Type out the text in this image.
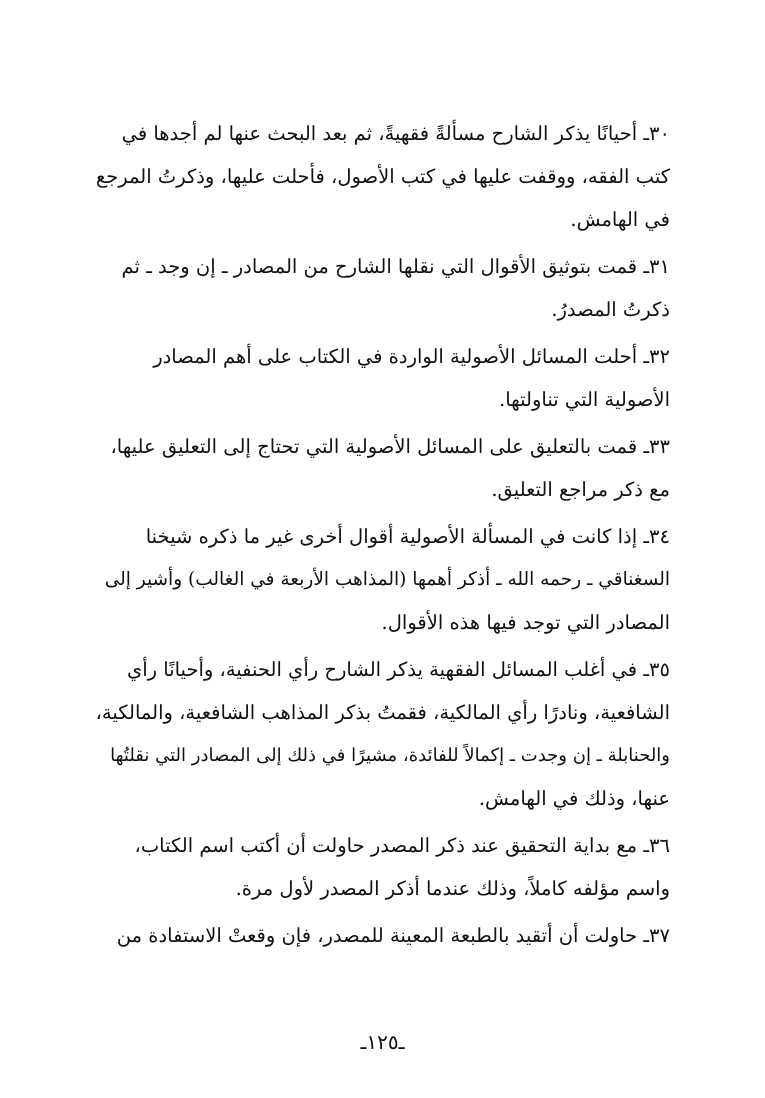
٣٠ـ أحيانًا يذكر الشارح مسألةً فقهيةً، ثم بعد البحث عنها لم أجدها في
كتب الفقه، ووقفت عليها في كتب الأصول، فأحلت عليها، وذكرتُ المرجع
في الهامش.
٣١ـ قمت بتوثيق الأقوال التي نقلها الشارح من المصادر ـ إن وجد ـ ثم
ذكرتُ المصدرُ.
٣٢ـ أحلت المسائل الأصولية الواردة في الكتاب على أهم المصادر
الأصولية التي تناولتها.
٣٣ـ قمت بالتعليق على المسائل الأصولية التي تحتاج إلى التعليق عليها،
مع ذكر مراجع التعليق.
٣٤ـ إذا كانت في المسألة الأصولية أقوال أخرى غير ما ذكره شيخنا
السغناقي ـ رحمه الله ـ أذكر أهمها (المذاهب الأربعة في الغالب) وأشير إلى
المصادر التي توجد فيها هذه الأقوال.
٣٥ـ في أغلب المسائل الفقهية يذكر الشارح رأي الحنفية، وأحيانًا رأي
الشافعية، ونادرًا رأي المالكية، فقمتُ بذكر المذاهب الشافعية، والمالكية،
والحنابلة ـ إن وجدت ـ إكمالاً للفائدة، مشيرًا في ذلك إلى المصادر التي نقلتُها
عنها، وذلك في الهامش.
٣٦ـ مع بداية التحقيق عند ذكر المصدر حاولت أن أكتب اسم الكتاب،
واسم مؤلفه كاملاً، وذلك عندما أذكر المصدر لأول مرة.
٣٧ـ حاولت أن أتقيد بالطبعة المعينة للمصدر، فإن وقعتْ الاستفادة من
ـ١٢٥ـ
